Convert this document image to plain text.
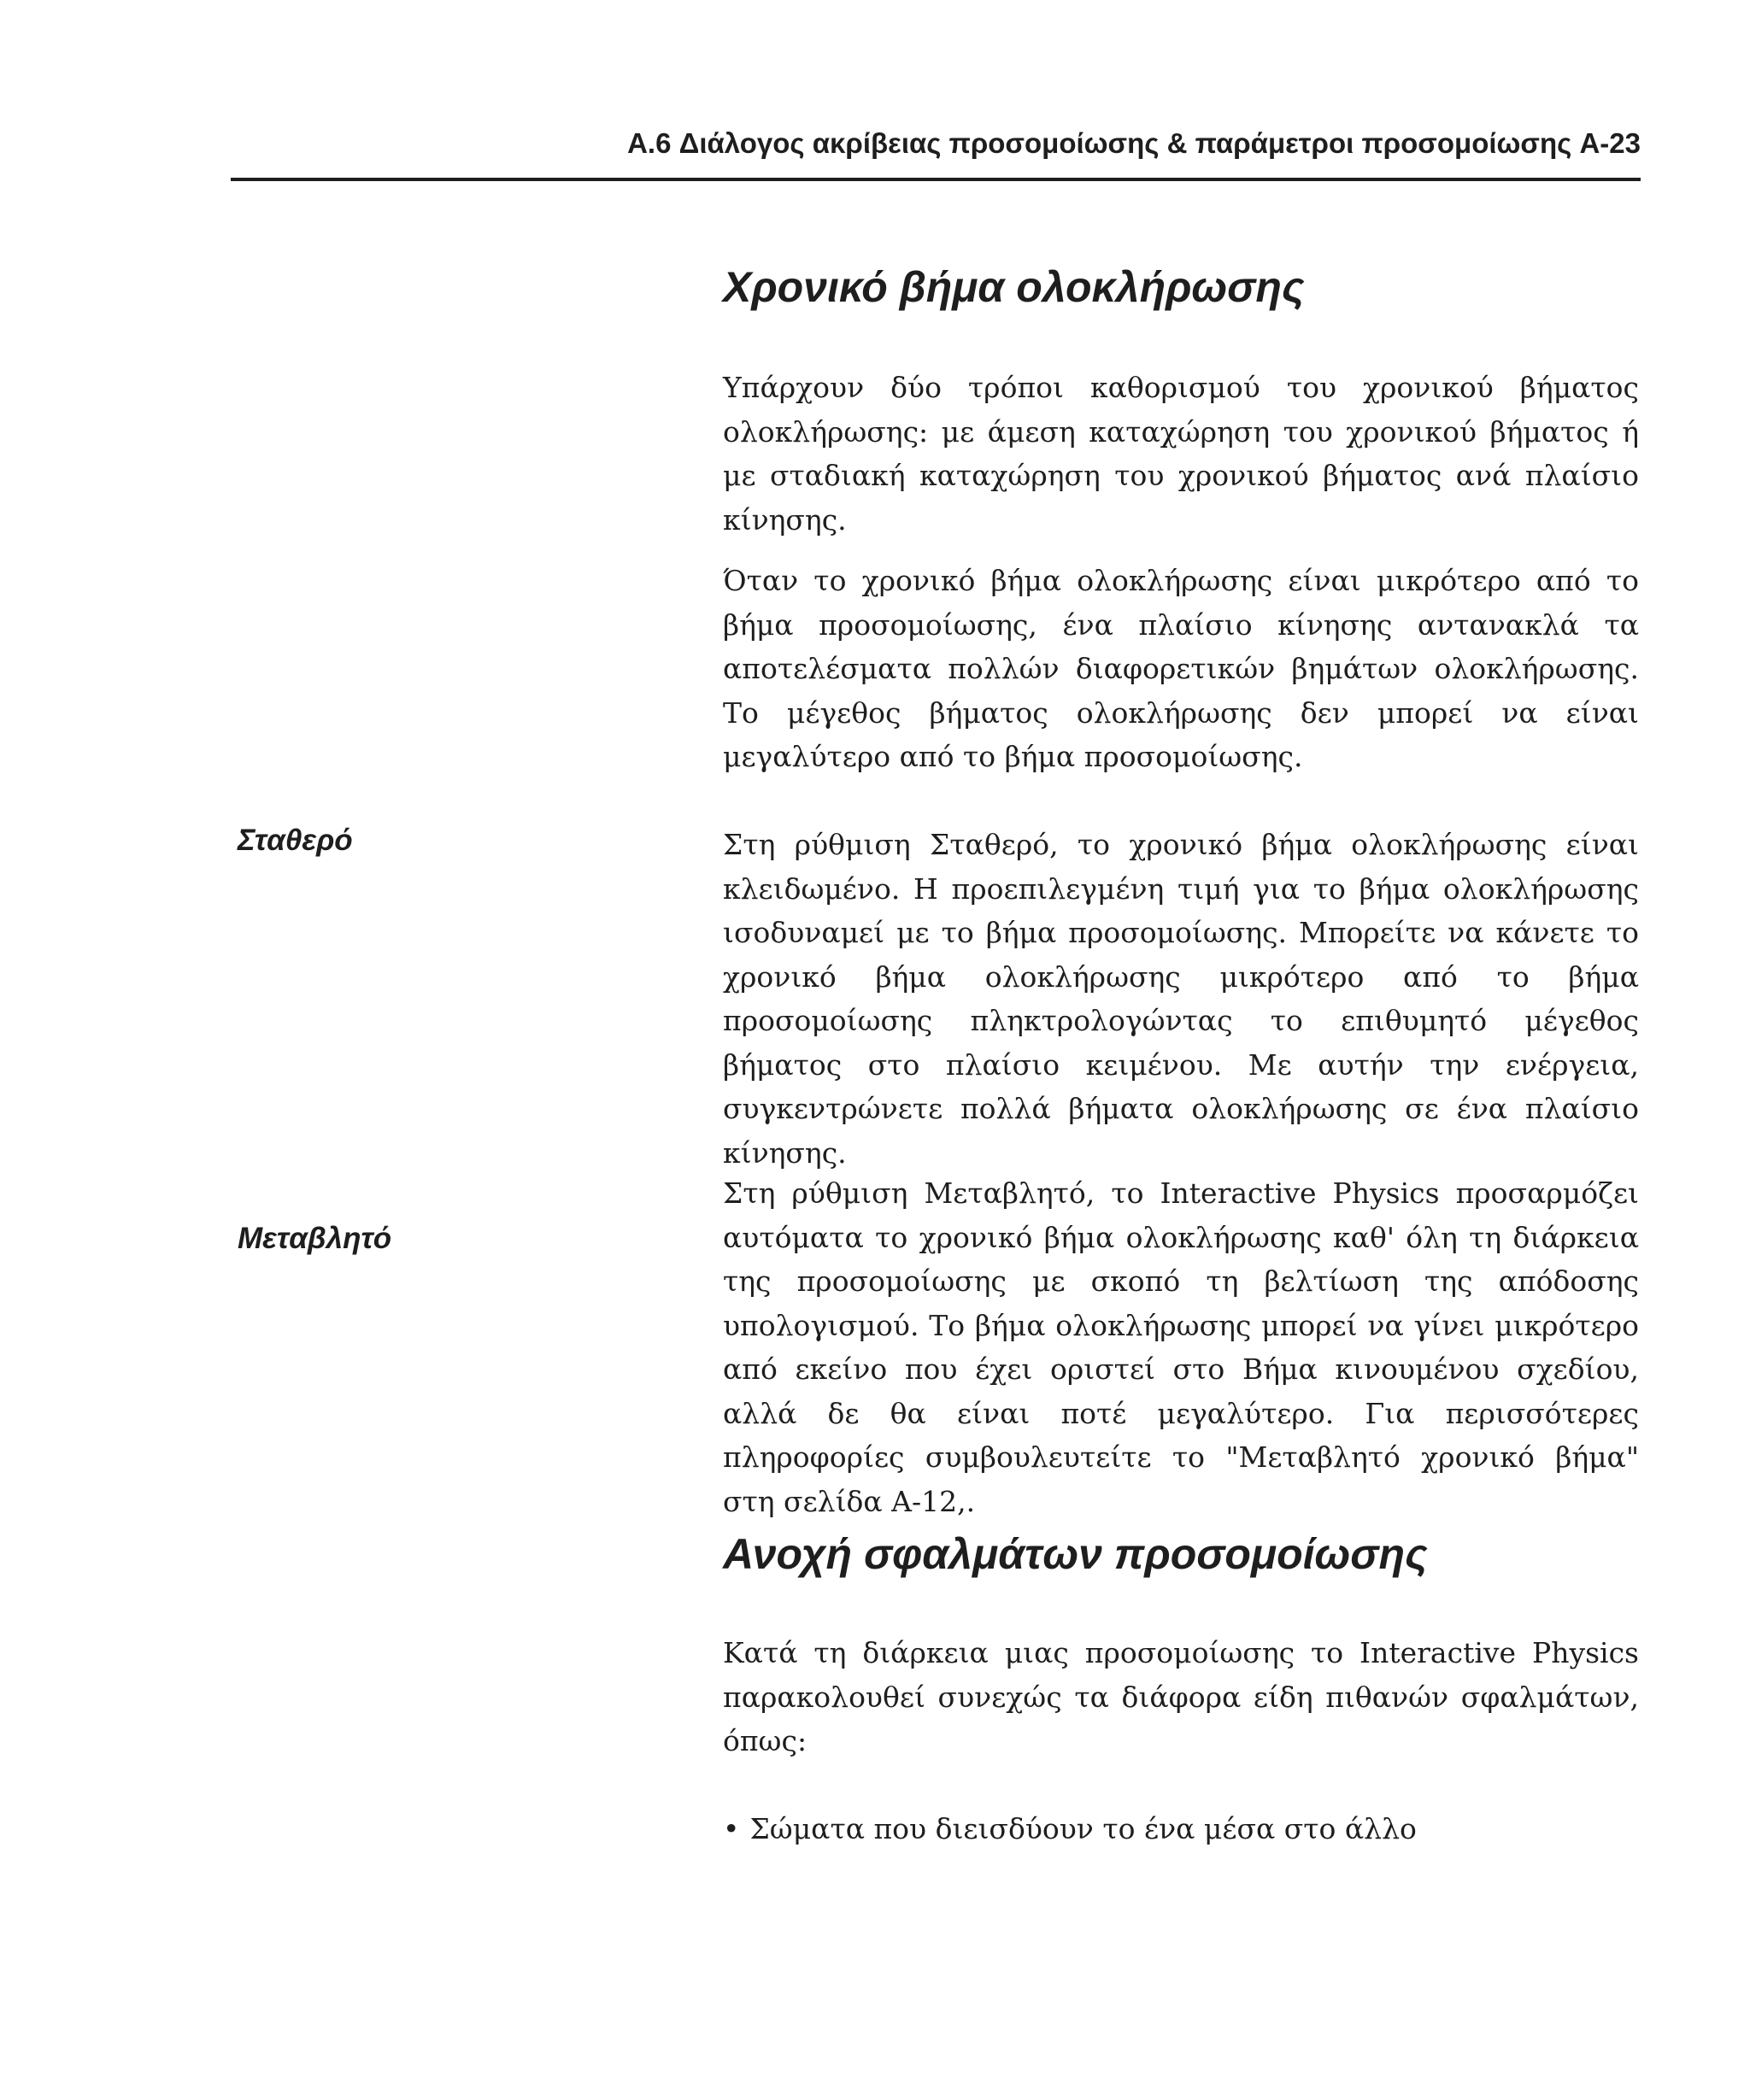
A.6 Διάλογος ακρίβειας προσομοίωσης & παράμετροι προσομοίωσης A-23
Χρονικό βήμα ολοκλήρωσης

Υπάρχουν δύο τρόποι καθορισμού του χρονικού βήματος ολοκλήρωσης: με άμεση καταχώρηση του χρονικού βήματος ή με σταδιακή καταχώρηση του χρονικού βήματος ανά πλαίσιο κίνησης.

Όταν το χρονικό βήμα ολοκλήρωσης είναι μικρότερο από το βήμα προσομοίωσης, ένα πλαίσιο κίνησης αντανακλά τα αποτελέσματα πολλών διαφορετικών βημάτων ολοκλήρωσης. Το μέγεθος βήματος ολοκλήρωσης δεν μπορεί να είναι μεγαλύτερο από το βήμα προσομοίωσης.

Σταθερό	Στη ρύθμιση Σταθερό, το χρονικό βήμα ολοκλήρωσης είναι κλειδωμένο. Η προεπιλεγμένη τιμή για το βήμα ολοκλήρωσης ισοδυναμεί με το βήμα προσομοίωσης. Μπορείτε να κάνετε το χρονικό βήμα ολοκλήρωσης μικρότερο από το βήμα προσομοίωσης πληκτρολογώντας το επιθυμητό μέγεθος βήματος στο πλαίσιο κειμένου. Με αυτήν την ενέργεια, συγκεντρώνετε πολλά βήματα ολοκλήρωσης σε ένα πλαίσιο κίνησης.

Μεταβλητό

Στη ρύθμιση Μεταβλητό, το Interactive Physics προσαρμόζει αυτόματα το χρονικό βήμα ολοκλήρωσης καθ' όλη τη διάρκεια της προσομοίωσης με σκοπό τη βελτίωση της απόδοσης υπολογισμού. Το βήμα ολοκλήρωσης μπορεί να γίνει μικρότερο από εκείνο που έχει οριστεί στο Βήμα κινουμένου σχεδίου, αλλά δε θα είναι ποτέ μεγαλύτερο. Για περισσότερες πληροφορίες συμβουλευτείτε το "Μεταβλητό χρονικό βήμα" στη σελίδα A-12,.

Ανοχή σφαλμάτων προσομοίωσης

Κατά τη διάρκεια μιας προσομοίωσης το Interactive Physics παρακολουθεί συνεχώς τα διάφορα είδη πιθανών σφαλμάτων, όπως:

• Σώματα που διεισδύουν το ένα μέσα στο άλλο
